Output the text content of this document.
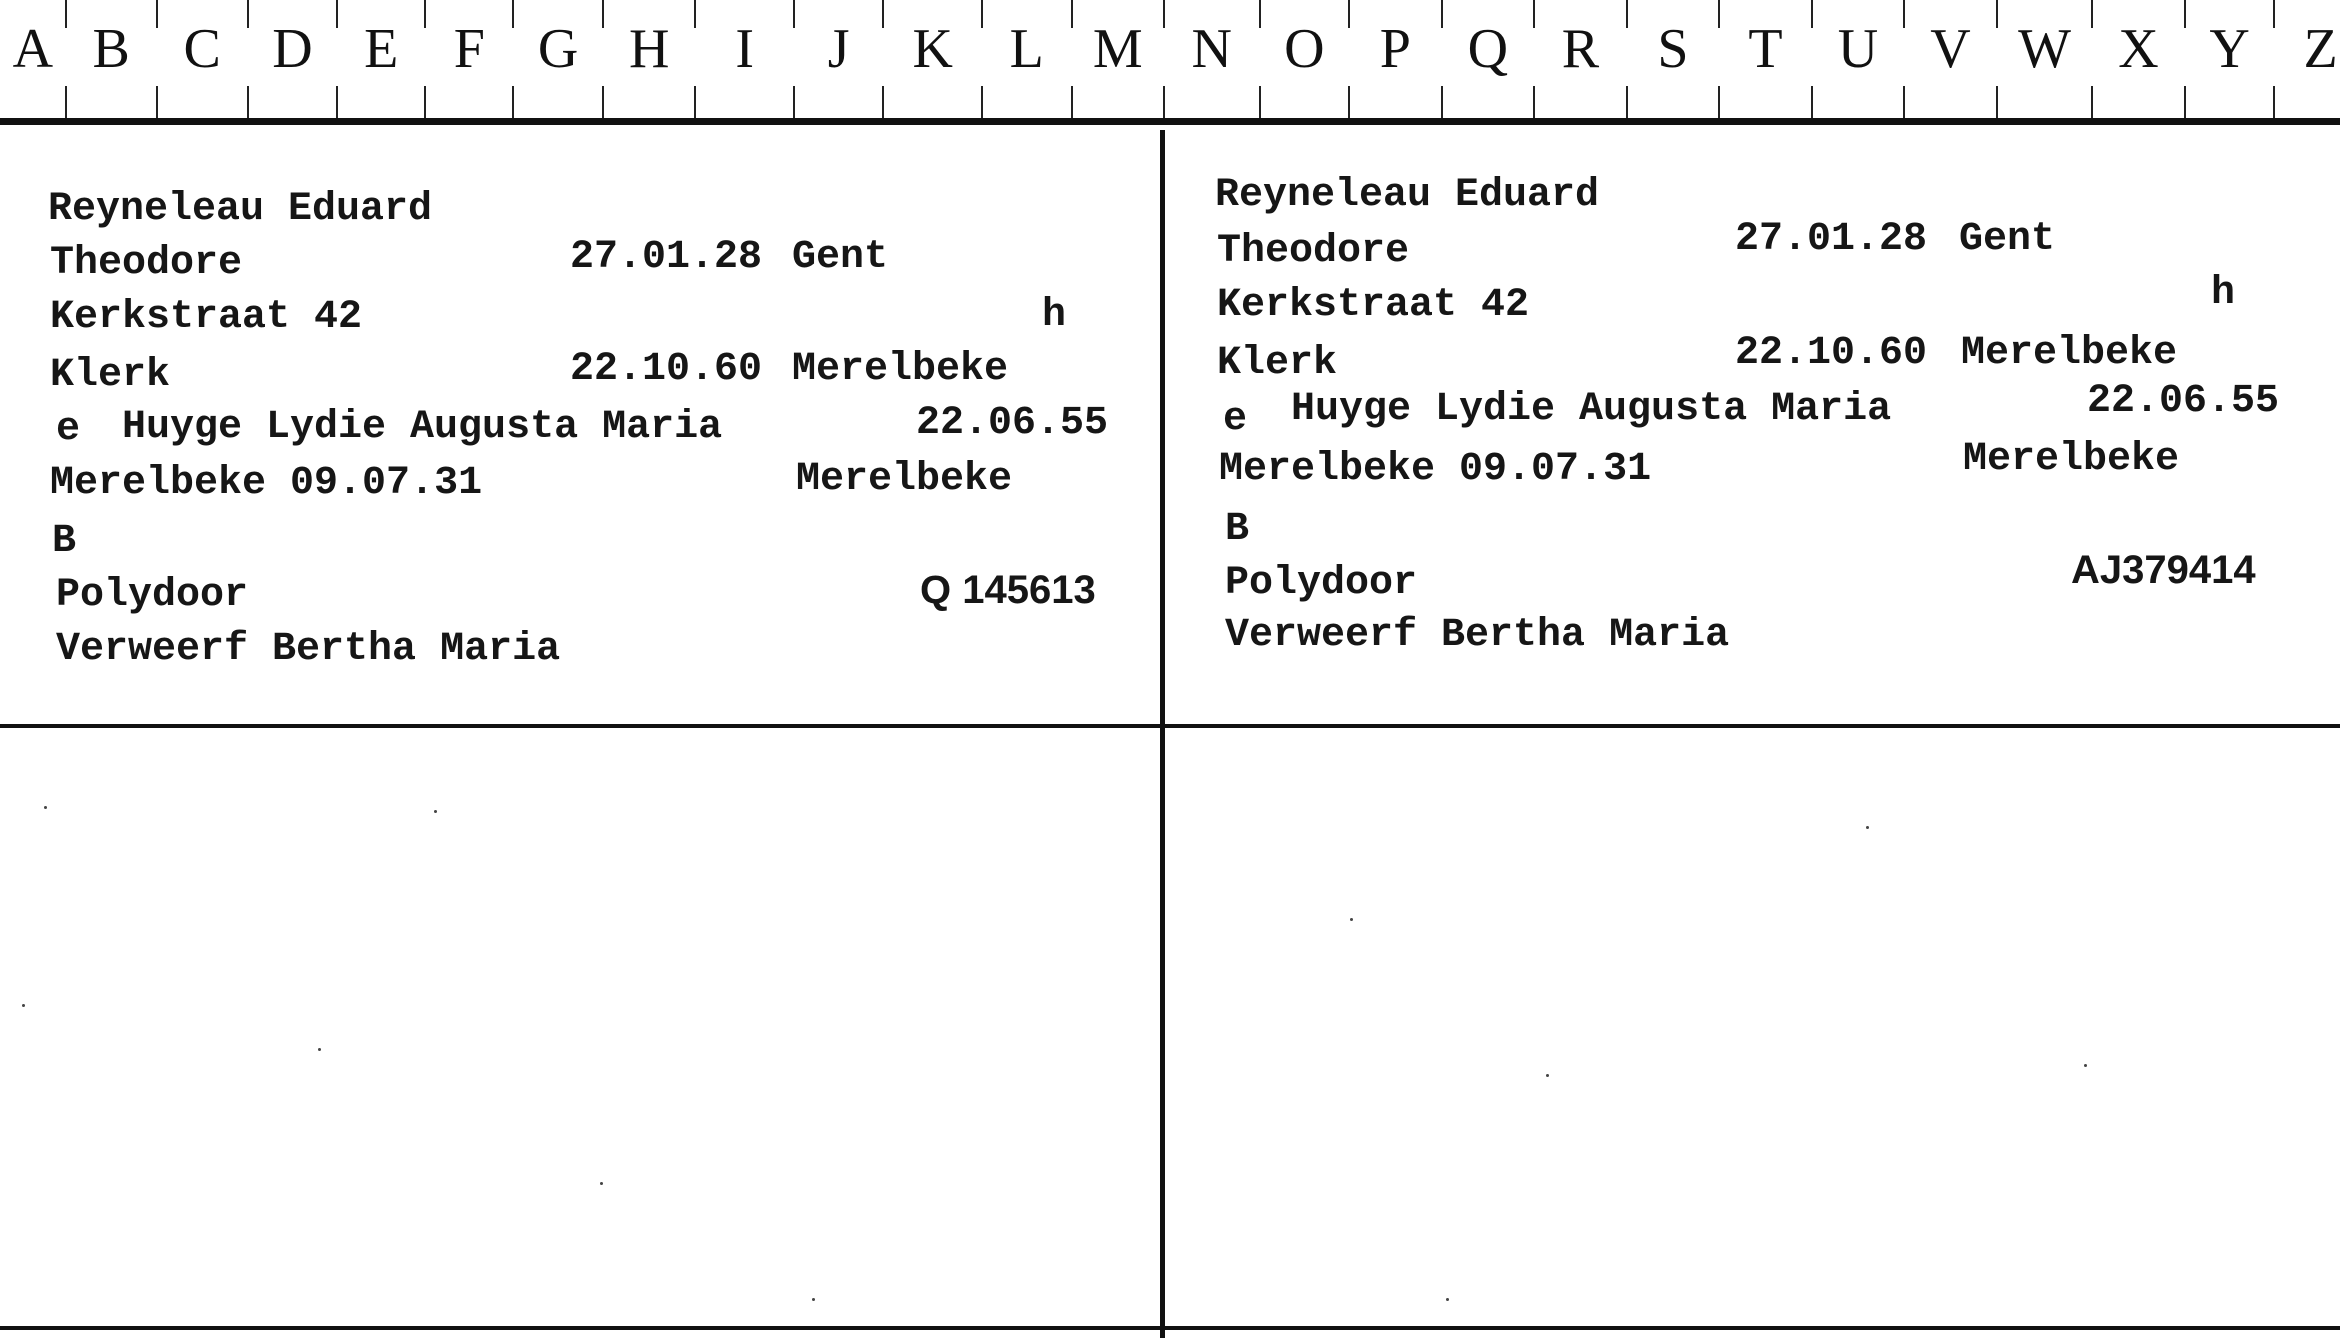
A B C D E F G H	I	J	K	L M N O P	Q R	S	T U V W X Y Z

Reyneleau Eduard

Theodore

	27.01.28

Gent

Kerkstraat 42

	h

Klerk

	22.10.60

Merelbeke

e

Huyge Lydie Augusta Maria

	22.06.55

Merelbeke 09.07.31

	Merelbeke

B

Polydoor

	Q 145613

Verweerf Bertha Maria

Reyneleau Eduard

Theodore

	27.01.28

Gent

Kerkstraat 42

	h

Klerk

	22.10.60

Merelbeke

e

Huyge Lydie Augusta Maria

	22.06.55

Merelbeke 09.07.31

	Merelbeke

B

Polydoor

	AJ379414

Verweerf Bertha Maria
